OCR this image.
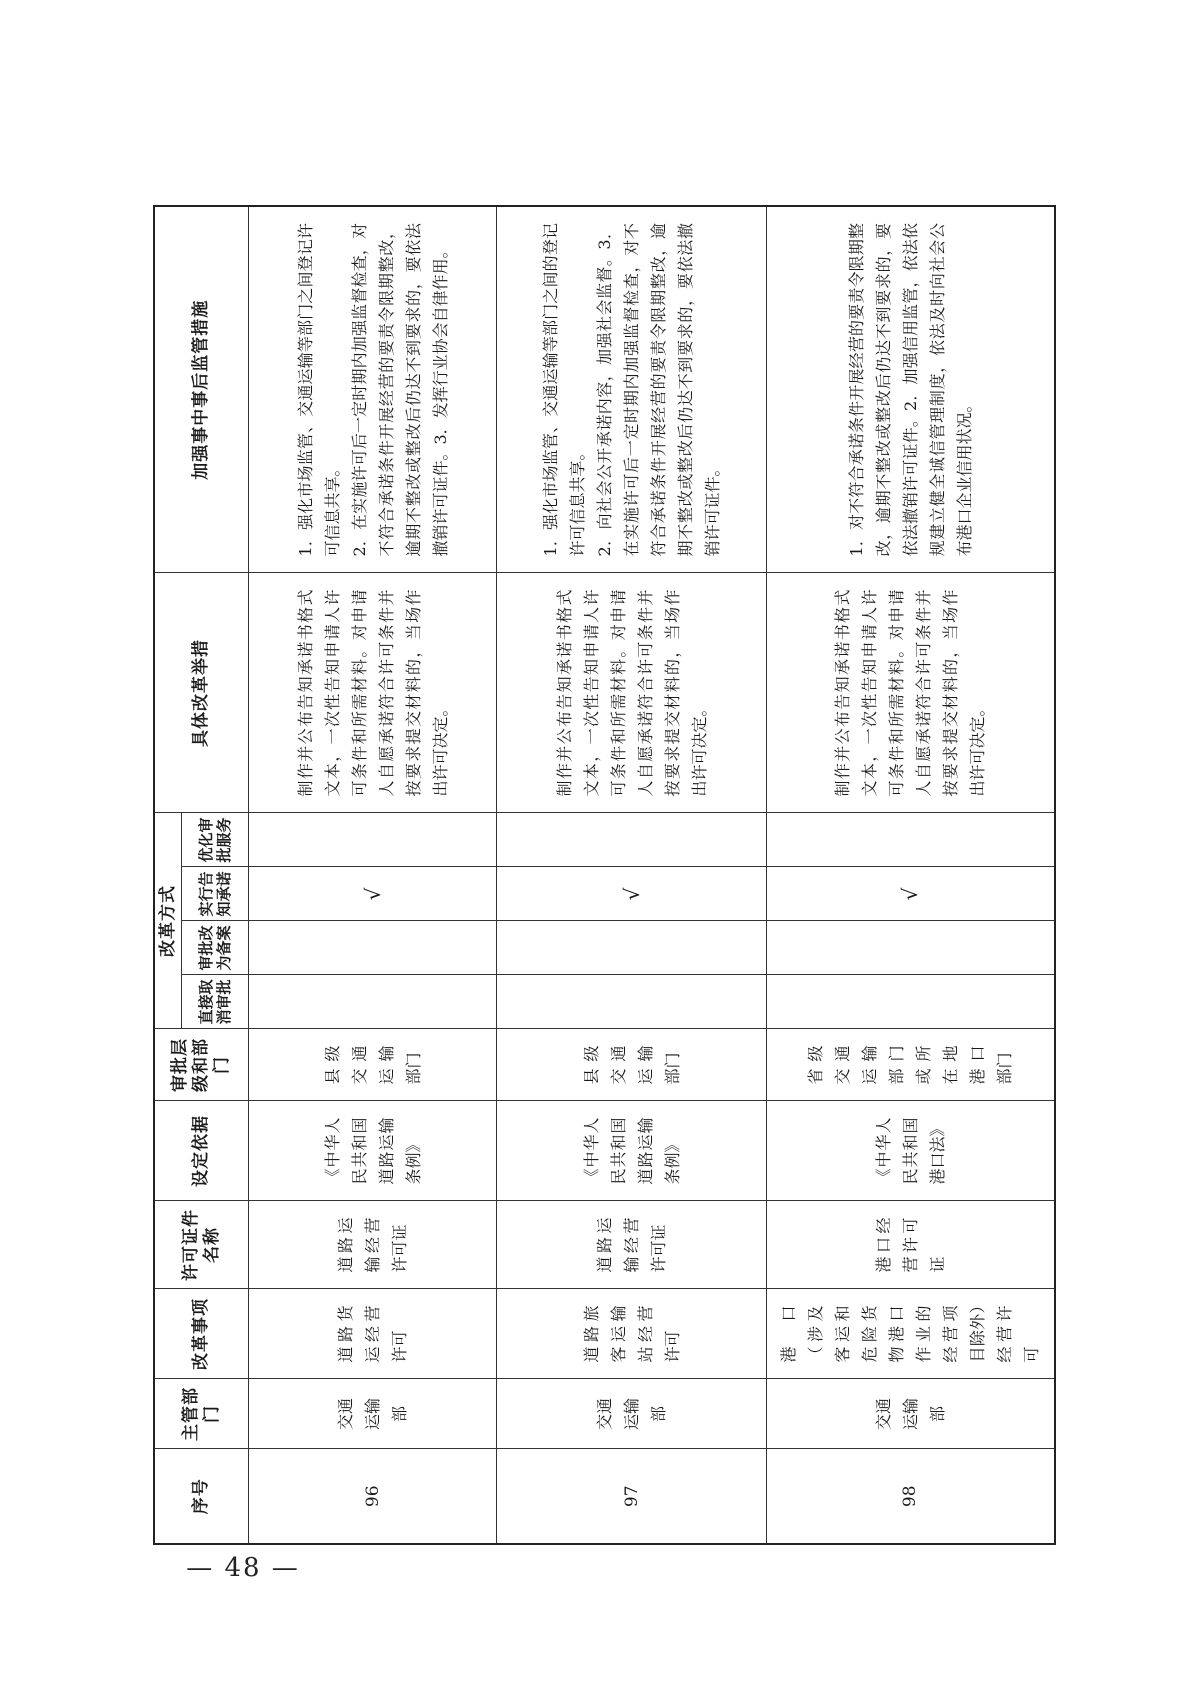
序号	主管部门	改革事项	许可证件名称	设定依据	审批层级和部门	改革方式				具体改革举措	加强事中事后监管措施
						直接取消审批	审批改为备案	实行告知承诺	优化审批服务		
96	交通运输部	道路货运经营许可	道路运输经营许可证	《中华人民共和国道路运输条例》	县级交通运输部门			√		制作并公布告知承诺书格式文本，一次性告知申请人许可条件和所需材料。对申请人自愿承诺符合许可条件并按要求提交材料的，当场作出许可决定。	1．强化市场监管、交通运输等部门之间登记许可信息共享。 2．在实施许可后一定时期内加强监督检查，对不符合承诺条件开展经营的要责令限期整改，逾期不整改或整改后仍达不到要求的，要依法撤销许可证件。3．发挥行业协会自律作用。

97	交通运输部	道路旅客运输站经营许可	道路运输经营许可证	《中华人民共和国道路运输条例》	县级交通运输部门			√		制作并公布告知承诺书格式文本，一次性告知申请人许可条件和所需材料。对申请人自愿承诺符合许可条件并按要求提交材料的，当场作出许可决定。	1．强化市场监管、交通运输等部门之间的登记许可信息共享。 2．向社会公开承诺内容，加强社会监督。3．在实施许可后一定时期内加强监督检查，对不符合承诺条件开展经营的要责令限期整改，逾期不整改或整改后仍达不到要求的，要依法撤销许可证件。

98	交通运输部	港口（涉及客运和危险货物港口作业的经营项目除外）经营许可	港口经营许可证	《中华人民共和国港口法》	省级交通运输部门或所在地港口部门			√		制作并公布告知承诺书格式文本，一次性告知申请人许可条件和所需材料。对申请人自愿承诺符合许可条件并按要求提交材料的，当场作出许可决定。	1．对不符合承诺条件开展经营的要责令限期整改，逾期不整改或整改后仍达不到要求的，要依法撤销许可证件。2．加强信用监管，依法依规建立健全诚信管理制度，依法及时向社会公布港口企业信用状况。

— 48 —
